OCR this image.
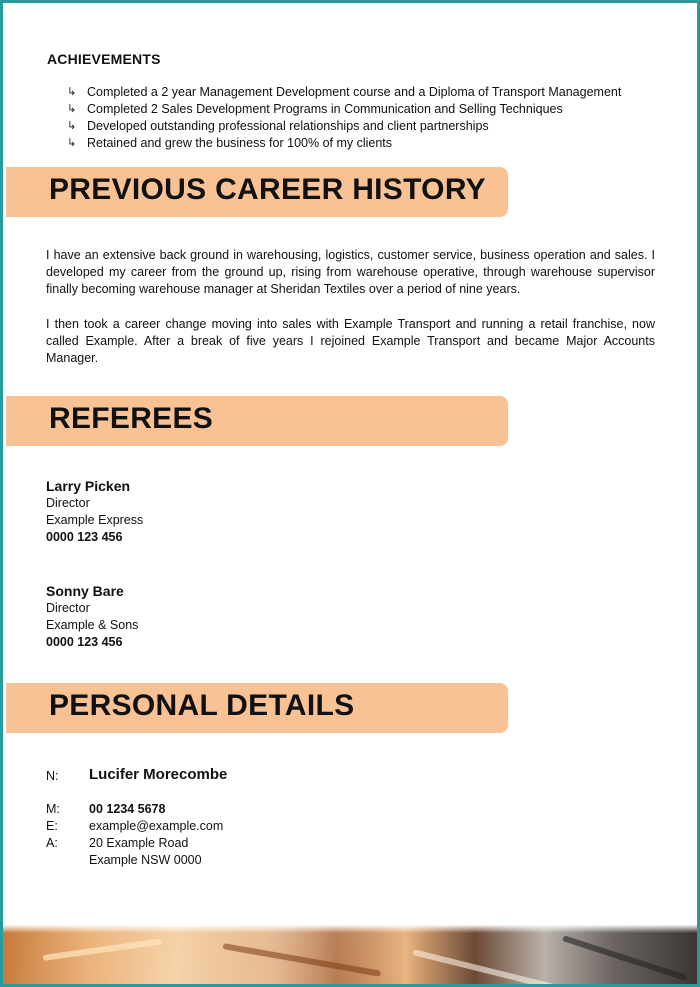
ACHIEVEMENTS
↳ Completed a 2 year Management Development course and a Diploma of Transport Management
↳ Completed 2 Sales Development Programs in Communication and Selling Techniques
↳ Developed outstanding professional relationships and client partnerships
↳ Retained and grew the business for 100% of my clients
PREVIOUS CAREER HISTORY

I have an extensive back ground in warehousing, logistics, customer service, business operation and sales. I developed my career from the ground up, rising from warehouse operative, through warehouse supervisor finally becoming warehouse manager at Sheridan Textiles over a period of nine years.

I then took a career change moving into sales with Example Transport and running a retail franchise, now called Example. After a break of five years I rejoined Example Transport and became Major Accounts Manager.

REFEREES
Larry Picken
Director
Example Express
0000 123 456
Sonny Bare
Director
Example & Sons
0000 123 456
PERSONAL DETAILS
N: Lucifer Morecombe
M: 00 1234 5678
E: example@example.com
A: 20 Example Road
Example NSW 0000
